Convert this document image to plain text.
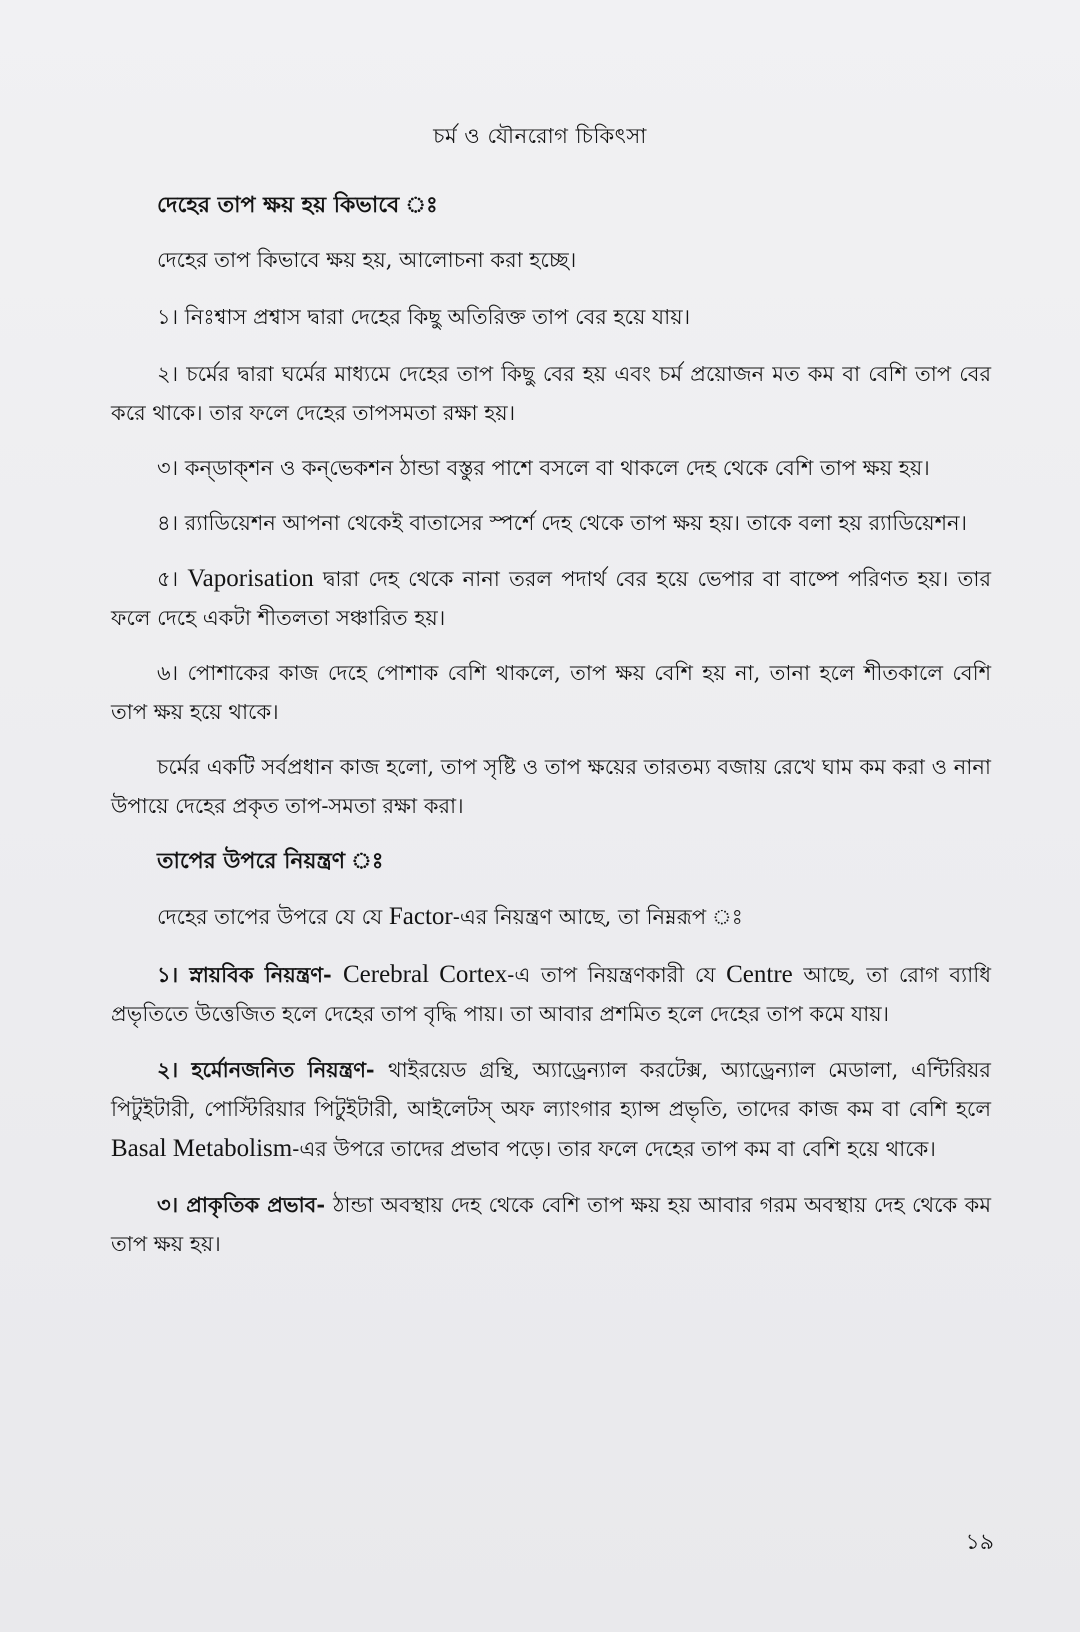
চর্ম ও যৌনরোগ চিকিৎসা
দেহের তাপ ক্ষয় হয় কিভাবে ঃ

দেহের তাপ কিভাবে ক্ষয় হয়, আলোচনা করা হচ্ছে।

১। নিঃশ্বাস প্রশ্বাস দ্বারা দেহের কিছু অতিরিক্ত তাপ বের হয়ে যায়।

২। চর্মের দ্বারা ঘর্মের মাধ্যমে দেহের তাপ কিছু বের হয় এবং চর্ম প্রয়োজন মত কম বা বেশি তাপ বের করে থাকে। তার ফলে দেহের তাপসমতা রক্ষা হয়।

৩। কন্‌ডাক্‌শন ও কন্‌ভেকশন ঠান্ডা বস্তুর পাশে বসলে বা থাকলে দেহ থেকে বেশি তাপ ক্ষয় হয়।

৪। র‌্যাডিয়েশন আপনা থেকেই বাতাসের স্পর্শে দেহ থেকে তাপ ক্ষয় হয়। তাকে বলা হয় র‌্যাডিয়েশন।

৫। Vaporisation দ্বারা দেহ থেকে নানা তরল পদার্থ বের হয়ে ভেপার বা বাষ্পে পরিণত হয়। তার ফলে দেহে একটা শীতলতা সঞ্চারিত হয়।

৬। পোশাকের কাজ দেহে পোশাক বেশি থাকলে, তাপ ক্ষয় বেশি হয় না, তানা হলে শীতকালে বেশি তাপ ক্ষয় হয়ে থাকে।

চর্মের একটি সর্বপ্রধান কাজ হলো, তাপ সৃষ্টি ও তাপ ক্ষয়ের তারতম্য বজায় রেখে ঘাম কম করা ও নানা উপায়ে দেহের প্রকৃত তাপ-সমতা রক্ষা করা।

তাপের উপরে নিয়ন্ত্রণ ঃ

দেহের তাপের উপরে যে যে Factor-এর নিয়ন্ত্রণ আছে, তা নিম্নরূপ ঃ

১। স্নায়বিক নিয়ন্ত্রণ- Cerebral Cortex-এ তাপ নিয়ন্ত্রণকারী যে Centre আছে, তা রোগ ব্যাধি প্রভৃতিতে উত্তেজিত হলে দেহের তাপ বৃদ্ধি পায়। তা আবার প্রশমিত হলে দেহের তাপ কমে যায়।

২। হর্মোনজনিত নিয়ন্ত্রণ- থাইরয়েড গ্রন্থি, অ্যাড্রেন্যাল করটেক্স, অ্যাড্রেন্যাল মেডালা, এন্টিরিয়র পিটুইটারী, পোস্টিরিয়ার পিটুইটারী, আইলেটস্‌ অফ ল্যাংগার হ্যান্স প্রভৃতি, তাদের কাজ কম বা বেশি হলে Basal Metabolism-এর উপরে তাদের প্রভাব পড়ে। তার ফলে দেহের তাপ কম বা বেশি হয়ে থাকে।

৩। প্রাকৃতিক প্রভাব- ঠান্ডা অবস্থায় দেহ থেকে বেশি তাপ ক্ষয় হয় আবার গরম অবস্থায় দেহ থেকে কম তাপ ক্ষয় হয়।

১৯
